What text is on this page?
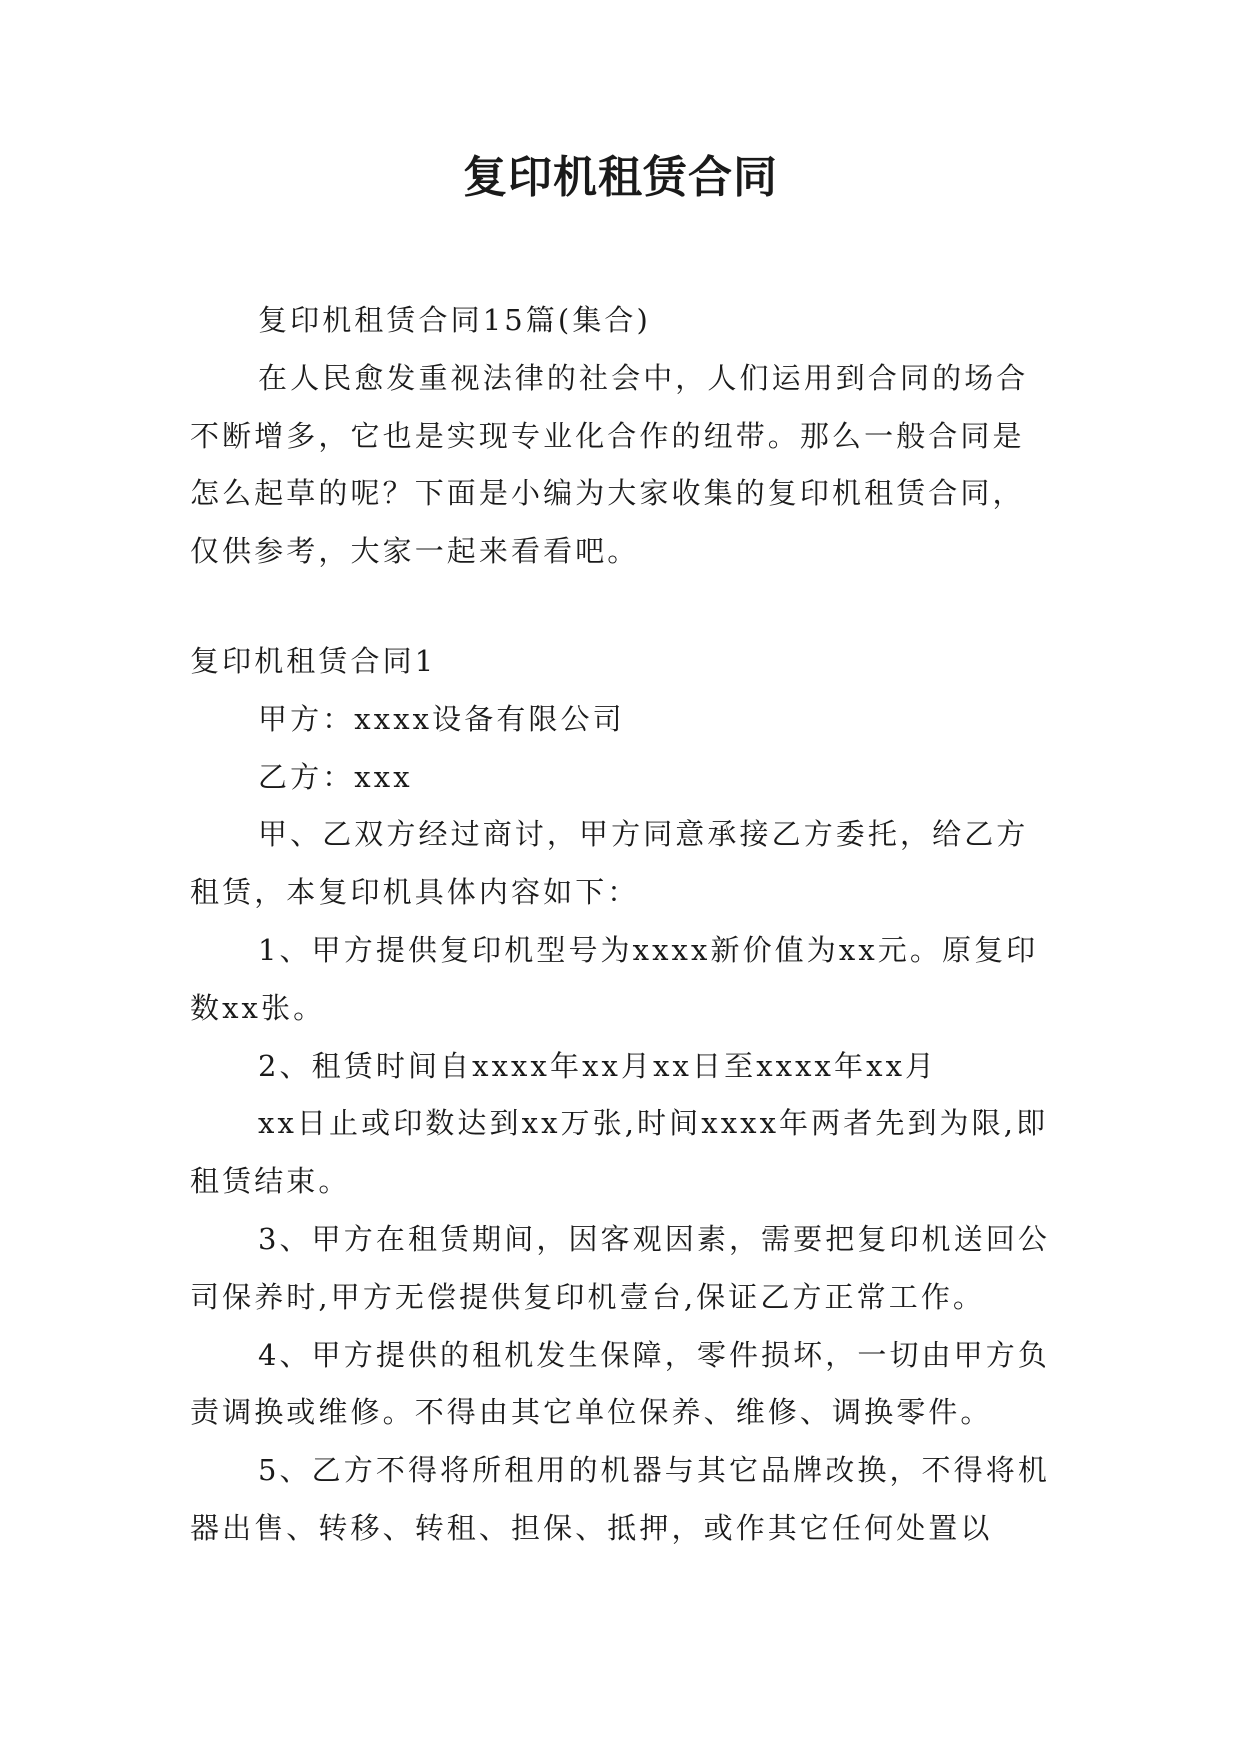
复印机租赁合同

复印机租赁合同15篇(集合)

在人民愈发重视法律的社会中，人们运用到合同的场合不断增多，它也是实现专业化合作的纽带。那么一般合同是怎么起草的呢？下面是小编为大家收集的复印机租赁合同，仅供参考，大家一起来看看吧。

复印机租赁合同1

甲方：xxxx设备有限公司

乙方：xxx

甲、乙双方经过商讨，甲方同意承接乙方委托，给乙方租赁，本复印机具体内容如下：

1、甲方提供复印机型号为xxxx新价值为xx元。原复印数xx张。

2、租赁时间自xxxx年xx月xx日至xxxx年xx月

xx日止或印数达到xx万张,时间xxxx年两者先到为限,即租赁结束。

3、甲方在租赁期间，因客观因素，需要把复印机送回公司保养时,甲方无偿提供复印机壹台,保证乙方正常工作。

4、甲方提供的租机发生保障，零件损坏，一切由甲方负责调换或维修。不得由其它单位保养、维修、调换零件。

5、乙方不得将所租用的机器与其它品牌改换，不得将机器出售、转移、转租、担保、抵押，或作其它任何处置以
